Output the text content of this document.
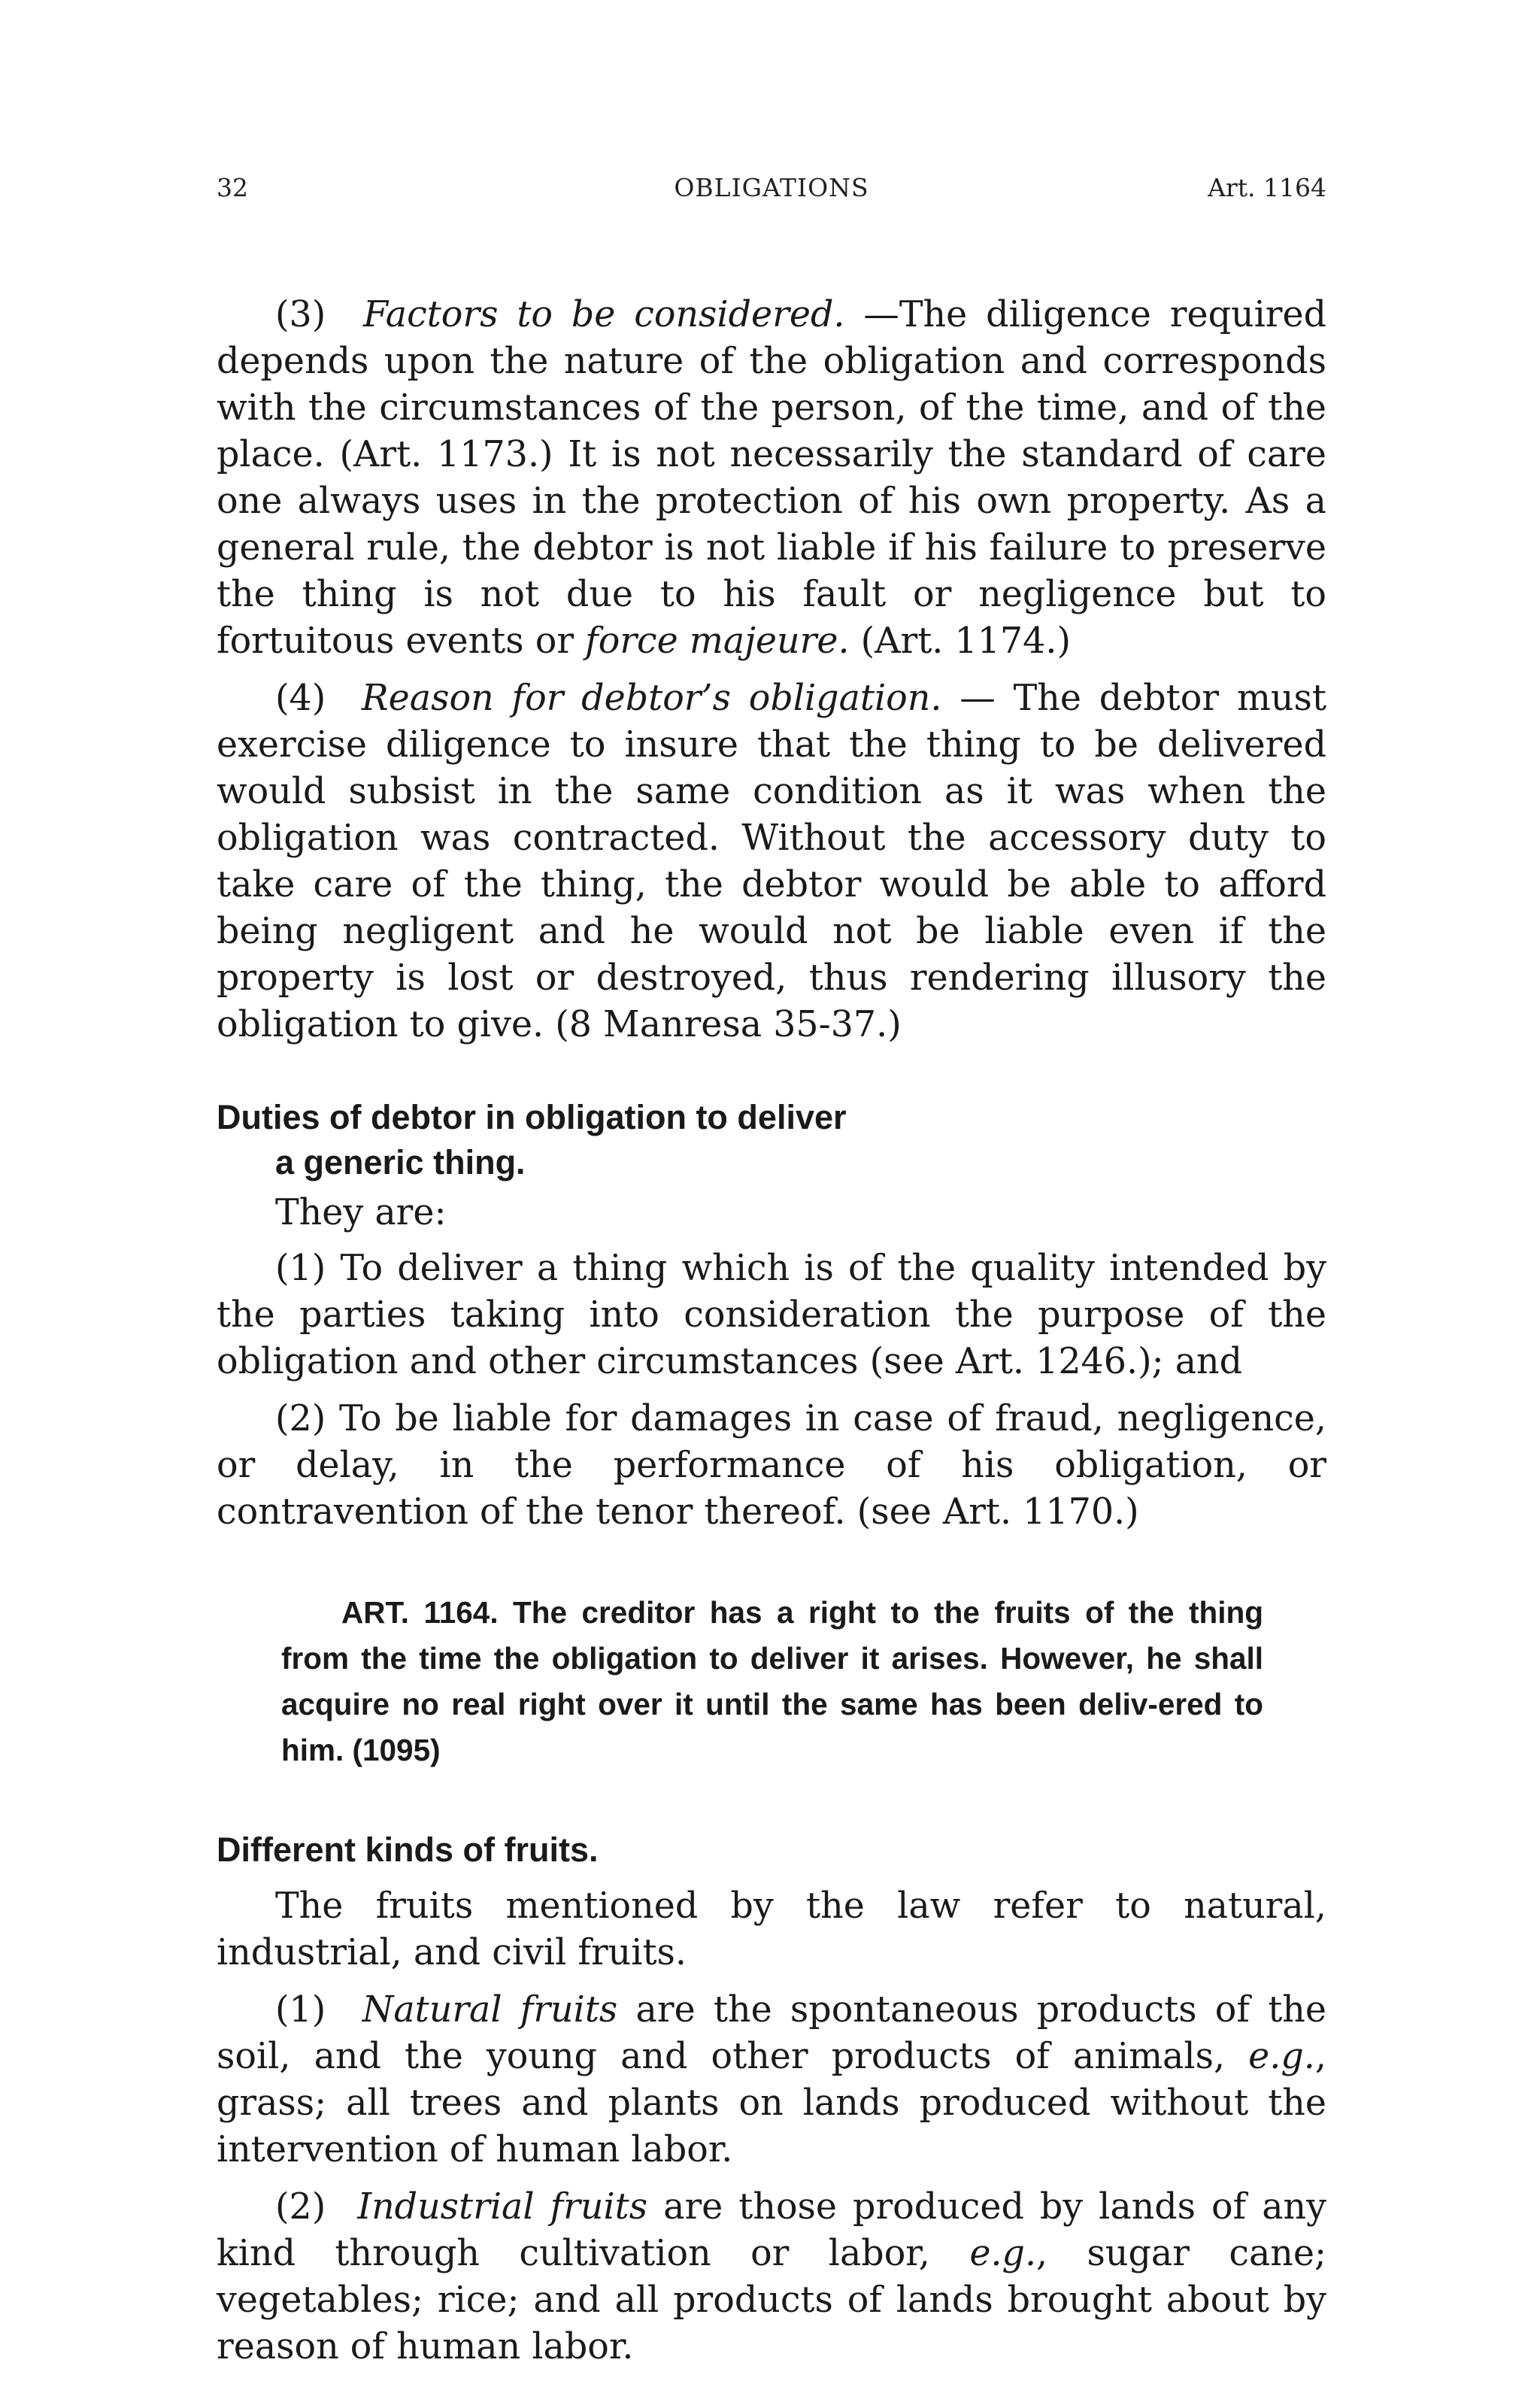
32	OBLIGATIONS	Art. 1164

(3) Factors to be considered. —The diligence required depends upon the nature of the obligation and corresponds with the circumstances of the person, of the time, and of the place. (Art. 1173.) It is not necessarily the standard of care one always uses in the protection of his own property. As a general rule, the debtor is not liable if his failure to preserve the thing is not due to his fault or negligence but to fortuitous events or force majeure. (Art. 1174.)

(4) Reason for debtor’s obligation. — The debtor must exercise diligence to insure that the thing to be delivered would subsist in the same condition as it was when the obligation was contracted. Without the accessory duty to take care of the thing, the debtor would be able to afford being negligent and he would not be liable even if the property is lost or destroyed, thus rendering illusory the obligation to give. (8 Manresa 35-37.)

Duties of debtor in obligation to deliver
a generic thing.

They are:

(1) To deliver a thing which is of the quality intended by the parties taking into consideration the purpose of the obligation and other circumstances (see Art. 1246.); and

(2) To be liable for damages in case of fraud, negligence, or delay, in the performance of his obligation, or contravention of the tenor thereof. (see Art. 1170.)

ART. 1164. The creditor has a right to the fruits of the thing from the time the obligation to deliver it arises. However, he shall acquire no real right over it until the same has been deliv-ered to him. (1095)
Different kinds of fruits.

The fruits mentioned by the law refer to natural, industrial, and civil fruits.

(1) Natural fruits are the spontaneous products of the soil, and the young and other products of animals, e.g., grass; all trees and plants on lands produced without the intervention of human labor.

(2) Industrial fruits are those produced by lands of any kind through cultivation or labor, e.g., sugar cane; vegetables; rice; and all products of lands brought about by reason of human labor.
